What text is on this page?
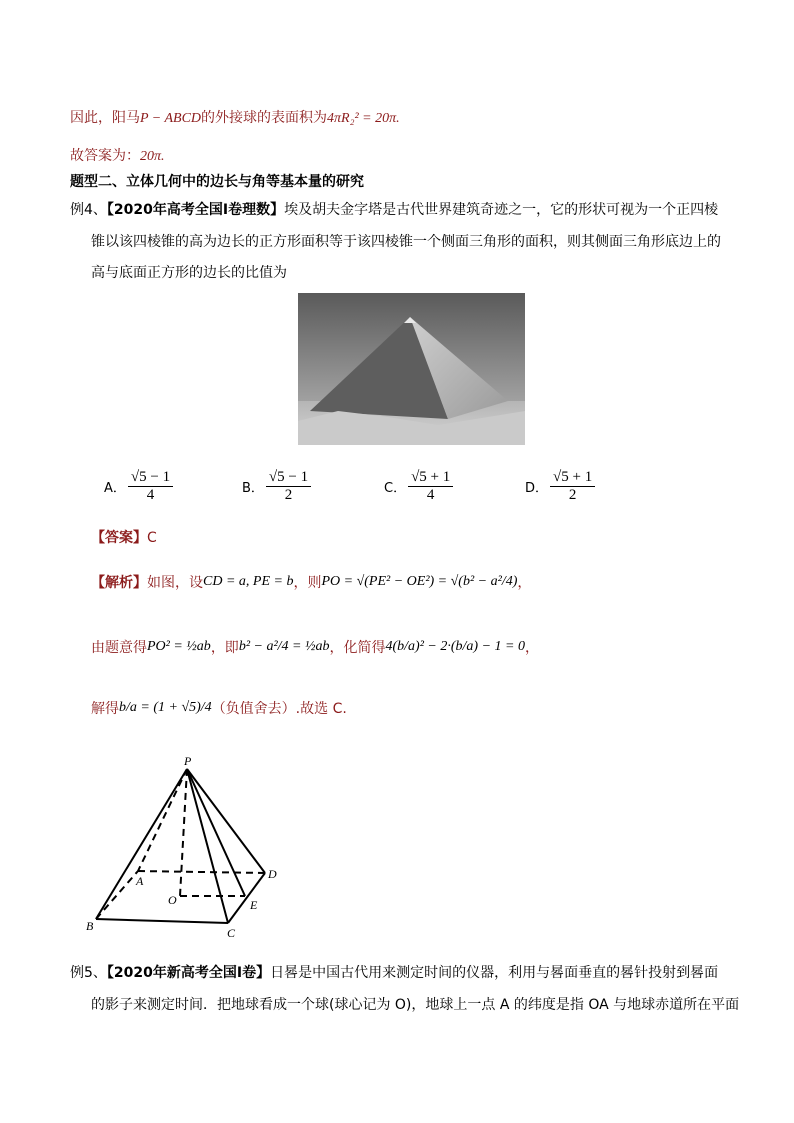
因此，阳马P − ABCD的外接球的表面积为4πR₂² = 20π.
故答案为：20π.
题型二、立体几何中的边长与角等基本量的研究
例4、【2020年高考全国Ⅰ卷理数】埃及胡夫金字塔是古代世界建筑奇迹之一，它的形状可视为一个正四棱
锥以该四棱锥的高为边长的正方形面积等于该四棱锥一个侧面三角形的面积，则其侧面三角形底边上的
高与底面正方形的边长的比值为
A． $\frac{√5 - 1}{4}$	B． $\frac{√5 - 1}{2}$	C． $\frac{√5 + 1}{4}$	D． $\frac{√5 + 1}{2}$
【答案】C
【解析】 如图，设 CD = a, PE = b ，则 PO = √(PE² − OE²) = √(b² − a²/4) ，
由题意得 PO² = ½ab ，即 b² − a²/4 = ½ab ，化简得 4(b/a)² − 2·(b/a) − 1 = 0 ，
解得 b/a = (1 + √5)/4 （负值舍去）.故选 C.
P
A
B	C
D
O	E
例5、【2020年新高考全国Ⅰ卷】日晷是中国古代用来测定时间的仪器，利用与晷面垂直的晷针投射到晷面
的影子来测定时间．把地球看成一个球(球心记为 O)，地球上一点 A 的纬度是指 OA 与地球赤道所在平面
